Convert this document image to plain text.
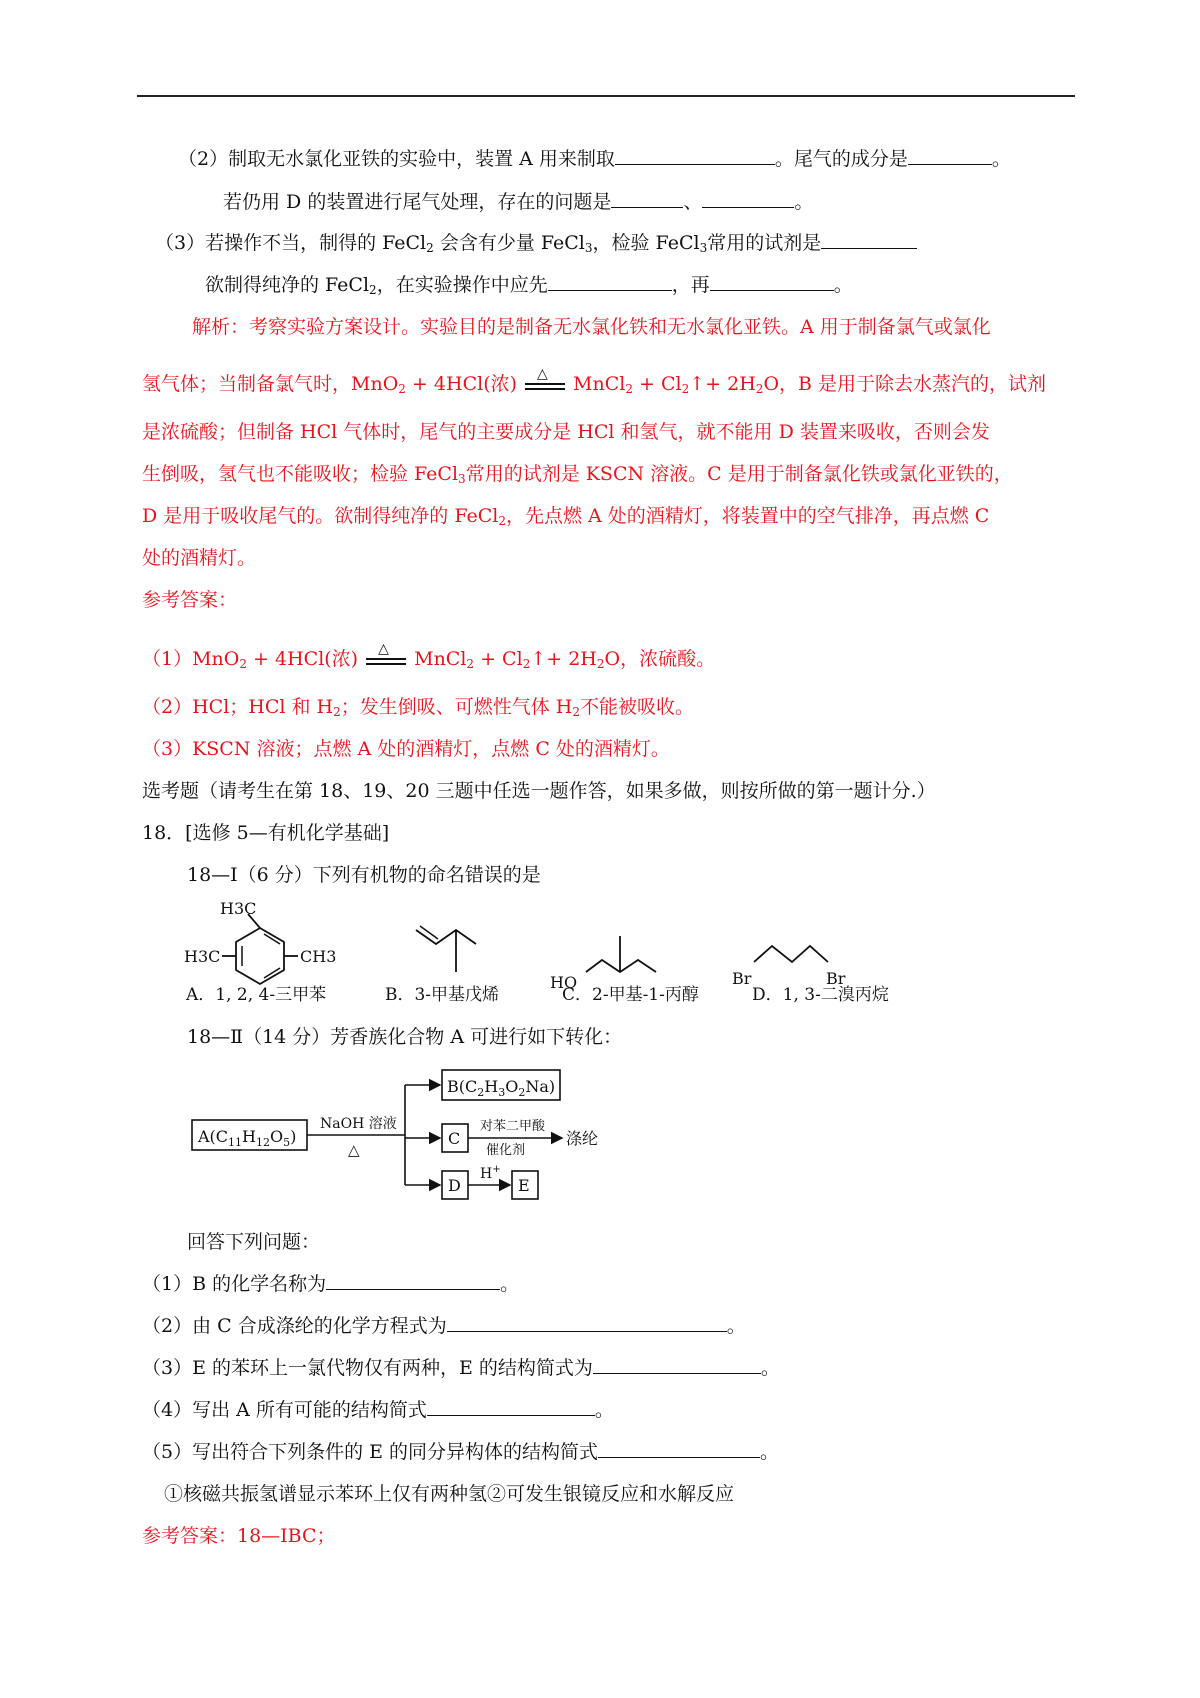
（2）制取无水氯化亚铁的实验中，装置 A 用来制取	。尾气的成分是	。
若仍用 D 的装置进行尾气处理，存在的问题是	、	。
（3）若操作不当，制得的 FeCl$_2$ 会含有少量 FeCl$_3$，检验 FeCl$_3$常用的试剂是
欲制得纯净的 FeCl$_2$，在实验操作中应先	，再	。
解析：考察实验方案设计。实验目的是制备无水氯化铁和无水氯化亚铁。A 用于制备氯气或氯化
氢气体；当制备氯气时，MnO$_2$ + 4HCl(浓) △ MnCl$_2$ + $Cl_2↑+ 2H_2O$，B 是用于除去水蒸汽的，试剂
是浓硫酸；但制备 HCl 气体时，尾气的主要成分是 HCl 和氢气，就不能用 D 装置来吸收，否则会发
生倒吸，氢气也不能吸收；检验 FeCl$_3$常用的试剂是 KSCN 溶液。C 是用于制备氯化铁或氯化亚铁的，
D 是用于吸收尾气的。欲制得纯净的 FeCl$_2$，先点燃 A 处的酒精灯，将装置中的空气排净，再点燃 C
处的酒精灯。
参考答案：
（1）MnO$_2$ + 4HCl(浓) △ MnCl$_2$ + $Cl_2↑+ 2H_2O$，浓硫酸。
（2）HCl；HCl 和 $H_2$；发生倒吸、可燃性气体 $H_2$不能被吸收。
（3）KSCN 溶液；点燃 A 处的酒精灯，点燃 C 处的酒精灯。
选考题（请考生在第 18、19、20 三题中任选一题作答，如果多做，则按所做的第一题计分.）
18．[选修 5—有机化学基础]
18—Ⅰ（6 分）下列有机物的命名错误的是
H3C
H3C	CH3
HO	Br	Br
A．1, 2, 4-三甲苯	B．3-甲基戊烯	C．2-甲基-1-丙醇	D．1, 3-二溴丙烷
18—Ⅱ（14 分）芳香族化合物 A 可进行如下转化：
$A(C_{11}H_{12}O_5)$
NaOH 溶液
△
$B(C_2H_3O_2Na)$
C
对苯二甲酸
催化剂
涤纶
D
H+
E
回答下列问题：
（1）B 的化学名称为	。
（2）由 C 合成涤纶的化学方程式为	。
（3）E 的苯环上一氯代物仅有两种，E 的结构简式为	。
（4）写出 A 所有可能的结构简式	。
（5）写出符合下列条件的 E 的同分异构体的结构简式	。
①核磁共振氢谱显示苯环上仅有两种氢②可发生银镜反应和水解反应
参考答案：18—ⅠBC；
